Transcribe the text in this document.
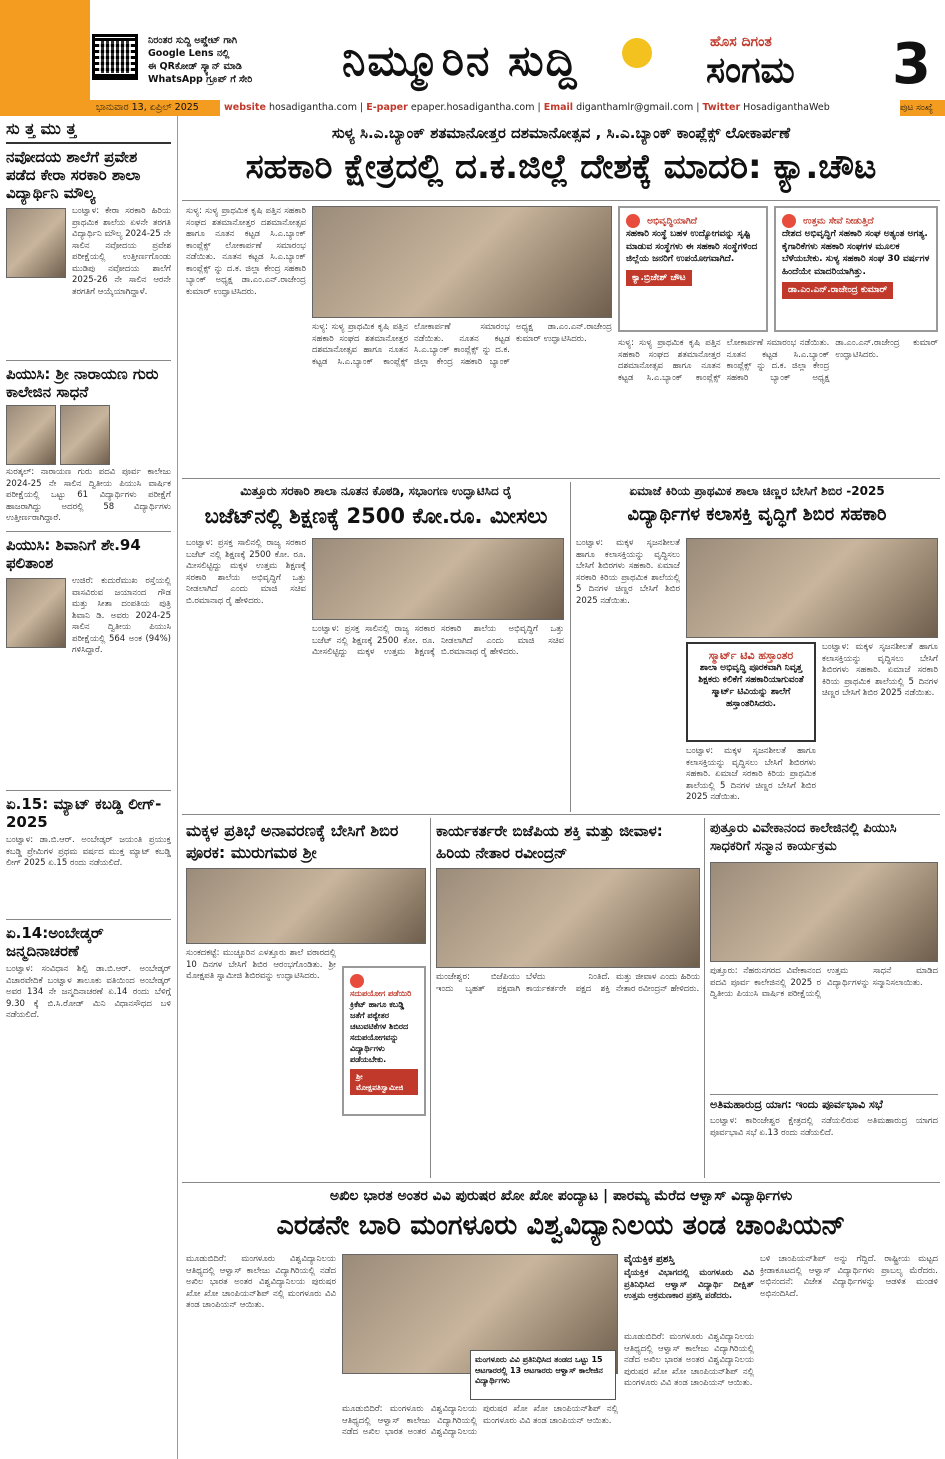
ನಿರಂತರ ಸುದ್ದಿ ಅಪ್ಡೇಟ್ ಗಾಗಿ
Google Lens ನಲ್ಲಿ
ಈ QRಕೋಡ್ ಸ್ಕ್ಯಾನ್ ಮಾಡಿ
WhatsApp ಗ್ರೂಪ್ ಗೆ ಸೇರಿ	ನಿಮ್ಮೂರಿನ ಸುದ್ದಿ	ಹೊಸ ದಿಗಂತ
ಸಂಗಮ 3
ಭಾನುವಾರ 13, ಏಪ್ರಿಲ್ 2025	website hosadigantha.com | E-paper epaper.hosadigantha.com | Email diganthamlr@gmail.com | Twitter HosadiganthaWeb	ಪುಟ ಸಂಖ್ಯೆ
ಸು ತ್ತ ಮು ತ್ತ
ನವೋದಯ ಶಾಲೆಗೆ ಪ್ರವೇಶ ಪಡೆದ ಕೇರಾ ಸರಕಾರಿ ಶಾಲಾ ವಿದ್ಯಾರ್ಥಿನಿ ಮೌಲ್ಯ
ಬಂಟ್ವಾಳ: ಕೇರಾ ಸರಕಾರಿ ಹಿರಿಯ ಪ್ರಾಥಮಿಕ ಶಾಲೆಯ ಏಳನೇ ತರಗತಿ ವಿದ್ಯಾರ್ಥಿನಿ ಮೌಲ್ಯ 2024-25 ನೇ ಸಾಲಿನ ನವೋದಯ ಪ್ರವೇಶ ಪರೀಕ್ಷೆಯಲ್ಲಿ ಉತ್ತೀರ್ಣಗೊಂಡು ಮುಡಿಪು ನವೋದಯ ಶಾಲೆಗೆ 2025-26 ನೇ ಸಾಲಿನ ಆರನೇ ತರಗತಿಗೆ ಆಯ್ಕೆಯಾಗಿದ್ದಾಳೆ.
ಪಿಯುಸಿ: ಶ್ರೀ ನಾರಾಯಣ ಗುರು ಕಾಲೇಜಿನ ಸಾಧನೆ
ಸುರತ್ಕಲ್: ನಾರಾಯಣ ಗುರು ಪದವಿ ಪೂರ್ವ ಕಾಲೇಜು 2024-25 ನೇ ಸಾಲಿನ ದ್ವಿತೀಯ ಪಿಯುಸಿ ವಾರ್ಷಿಕ ಪರೀಕ್ಷೆಯಲ್ಲಿ ಒಟ್ಟು 61 ವಿದ್ಯಾರ್ಥಿಗಳು ಪರೀಕ್ಷೆಗೆ ಹಾಜರಾಗಿದ್ದು ಅದರಲ್ಲಿ 58 ವಿದ್ಯಾರ್ಥಿಗಳು ಉತ್ತೀರ್ಣರಾಗಿದ್ದಾರೆ.
ಪಿಯುಸಿ: ಶಿವಾನಿಗೆ ಶೇ.94 ಫಲಿತಾಂಶ
ಉಜಿರೆ: ಕುದುರೆಮುಖ ರಸ್ತೆಯಲ್ಲಿ ವಾಸವಿರುವ ಜಯಾನಂದ ಗೌಡ ಮತ್ತು ಸೀತಾ ದಂಪತಿಯ ಪುತ್ರಿ ಶಿವಾನಿ ಡಿ. ಅವರು 2024-25 ಸಾಲಿನ ದ್ವಿತೀಯ ಪಿಯುಸಿ ಪರೀಕ್ಷೆಯಲ್ಲಿ 564 ಅಂಕ (94%) ಗಳಿಸಿದ್ದಾರೆ.
ಏ.15: ಮ್ಯಾಟ್ ಕಬಡ್ಡಿ ಲೀಗ್- 2025
ಬಂಟ್ವಾಳ: ಡಾ.ಬಿ.ಆರ್. ಅಂಬೇಡ್ಕರ್ ಜಯಂತಿ ಪ್ರಯುಕ್ತ ಕಬಡ್ಡಿ ಪ್ರೇಮಿಗಳ ಪ್ರಥಮ ವರ್ಷದ ಮುಕ್ತ ಮ್ಯಾಟ್ ಕಬಡ್ಡಿ ಲೀಗ್ 2025 ಏ.15 ರಂದು ನಡೆಯಲಿದೆ.
ಏ.14:ಅಂಬೇಡ್ಕರ್ ಜನ್ಮದಿನಾಚರಣೆ
ಬಂಟ್ವಾಳ: ಸಂವಿಧಾನ ಶಿಲ್ಪಿ ಡಾ.ಬಿ.ಆರ್. ಅಂಬೇಡ್ಕರ್ ವಿಚಾರವೇದಿಕೆ ಬಂಟ್ವಾಳ ತಾಲೂಕು ವತಿಯಿಂದ ಅಂಬೇಡ್ಕರ್ ಅವರ 134 ನೇ ಜನ್ಮದಿನಾಚರಣೆ ಏ.14 ರಂದು ಬೆಳಿಗ್ಗೆ 9.30 ಕ್ಕೆ ಬಿ.ಸಿ.ರೋಡ್ ಮಿನಿ ವಿಧಾನಸೌಧದ ಬಳಿ ನಡೆಯಲಿದೆ.
ಸುಳ್ಯ ಸಿ.ಎ.ಬ್ಯಾಂಕ್ ಶತಮಾನೋತ್ತರ ದಶಮಾನೋತ್ಸವ , ಸಿ.ಎ.ಬ್ಯಾಂಕ್ ಕಾಂಪ್ಲೆಕ್ಸ್ ಲೋಕಾರ್ಪಣೆ
ಸಹಕಾರಿ ಕ್ಷೇತ್ರದಲ್ಲಿ ದ.ಕ.ಜಿಲ್ಲೆ ದೇಶಕ್ಕೆ ಮಾದರಿ: ಕ್ಯಾ.ಚೌಟ
ಸುಳ್ಯ: ಸುಳ್ಯ ಪ್ರಾಥಮಿಕ ಕೃಷಿ ಪತ್ತಿನ ಸಹಕಾರಿ ಸಂಘದ ಶತಮಾನೋತ್ತರ ದಶಮಾನೋತ್ಸವ ಹಾಗೂ ನೂತನ ಕಟ್ಟಡ ಸಿ.ಎ.ಬ್ಯಾಂಕ್ ಕಾಂಪ್ಲೆಕ್ಸ್ ಲೋಕಾರ್ಪಣೆ ಸಮಾರಂಭ ನಡೆಯಿತು. ನೂತನ ಕಟ್ಟಡ ಸಿ.ಎ.ಬ್ಯಾಂಕ್ ಕಾಂಪ್ಲೆಕ್ಸ್ ನ್ನು ದ.ಕ. ಜಿಲ್ಲಾ ಕೇಂದ್ರ ಸಹಕಾರಿ ಬ್ಯಾಂಕ್ ಅಧ್ಯಕ್ಷ ಡಾ.ಎಂ.ಎನ್.ರಾಜೇಂದ್ರ ಕುಮಾರ್ ಉದ್ಘಾಟಿಸಿದರು.
ಸುಳ್ಯ: ಸುಳ್ಯ ಪ್ರಾಥಮಿಕ ಕೃಷಿ ಪತ್ತಿನ ಸಹಕಾರಿ ಸಂಘದ ಶತಮಾನೋತ್ತರ ದಶಮಾನೋತ್ಸವ ಹಾಗೂ ನೂತನ ಕಟ್ಟಡ ಸಿ.ಎ.ಬ್ಯಾಂಕ್ ಕಾಂಪ್ಲೆಕ್ಸ್ ಲೋಕಾರ್ಪಣೆ ಸಮಾರಂಭ ನಡೆಯಿತು. ನೂತನ ಕಟ್ಟಡ ಸಿ.ಎ.ಬ್ಯಾಂಕ್ ಕಾಂಪ್ಲೆಕ್ಸ್ ನ್ನು ದ.ಕ. ಜಿಲ್ಲಾ ಕೇಂದ್ರ ಸಹಕಾರಿ ಬ್ಯಾಂಕ್ ಅಧ್ಯಕ್ಷ ಡಾ.ಎಂ.ಎನ್.ರಾಜೇಂದ್ರ ಕುಮಾರ್ ಉದ್ಘಾಟಿಸಿದರು.
ಅಭಿವೃದ್ಧಿಯಾಗಿದೆ
ಸಹಕಾರಿ ಸಂಸ್ಥೆ ಬಹಳ ಉದ್ಯೋಗವನ್ನು ಸೃಷ್ಟಿ ಮಾಡುವ ಸಂಸ್ಥೆಗಳು ಈ ಸಹಕಾರಿ ಸಂಸ್ಥೆಗಳಿಂದ ಜಿಲ್ಲೆಯ ಜನರಿಗೆ ಉಪಯೋಗವಾಗಿದೆ.
ಕ್ಯಾ.ಬ್ರಿಜೇಶ್ ಚೌಟ
ಉತ್ತಮ ಸೇವೆ ನೀಡುತ್ತಿದೆ
ದೇಶದ ಅಭಿವೃದ್ಧಿಗೆ ಸಹಕಾರಿ ಸಂಘ ಅತ್ಯಂತ ಅಗತ್ಯ. ಕೈಗಾರಿಕೆಗಳು ಸಹಕಾರಿ ಸಂಘಗಳ ಮೂಲಕ ಬೆಳೆಯಬೇಕು. ಸುಳ್ಯ ಸಹಕಾರಿ ಸಂಘ 30 ವರ್ಷಗಳ ಹಿಂದೆಯೇ ಮಾದರಿಯಾಗಿತ್ತು.
ಡಾ.ಎಂ.ಎನ್.ರಾಜೇಂದ್ರ ಕುಮಾರ್
ಸುಳ್ಯ: ಸುಳ್ಯ ಪ್ರಾಥಮಿಕ ಕೃಷಿ ಪತ್ತಿನ ಸಹಕಾರಿ ಸಂಘದ ಶತಮಾನೋತ್ತರ ದಶಮಾನೋತ್ಸವ ಹಾಗೂ ನೂತನ ಕಟ್ಟಡ ಸಿ.ಎ.ಬ್ಯಾಂಕ್ ಕಾಂಪ್ಲೆಕ್ಸ್ ಲೋಕಾರ್ಪಣೆ ಸಮಾರಂಭ ನಡೆಯಿತು. ನೂತನ ಕಟ್ಟಡ ಸಿ.ಎ.ಬ್ಯಾಂಕ್ ಕಾಂಪ್ಲೆಕ್ಸ್ ನ್ನು ದ.ಕ. ಜಿಲ್ಲಾ ಕೇಂದ್ರ ಸಹಕಾರಿ ಬ್ಯಾಂಕ್ ಅಧ್ಯಕ್ಷ ಡಾ.ಎಂ.ಎನ್.ರಾಜೇಂದ್ರ ಕುಮಾರ್ ಉದ್ಘಾಟಿಸಿದರು.
ಮಿತ್ತೂರು ಸರಕಾರಿ ಶಾಲಾ ನೂತನ ಕೊಠಡಿ, ಸಭಾಂಗಣ ಉದ್ಘಾಟಿಸಿದ ರೈ
ಬಜೆಟ್‌ನಲ್ಲಿ ಶಿಕ್ಷಣಕ್ಕೆ 2500 ಕೋ.ರೂ. ಮೀಸಲು
ಬಂಟ್ವಾಳ: ಪ್ರಸಕ್ತ ಸಾಲಿನಲ್ಲಿ ರಾಜ್ಯ ಸರಕಾರ ಬಜೆಟ್ ನಲ್ಲಿ ಶಿಕ್ಷಣಕ್ಕೆ 2500 ಕೋ. ರೂ. ಮೀಸಲಿಟ್ಟಿದ್ದು ಮಕ್ಕಳ ಉತ್ತಮ ಶಿಕ್ಷಣಕ್ಕೆ ಸರಕಾರಿ ಶಾಲೆಯ ಅಭಿವೃದ್ಧಿಗೆ ಒತ್ತು ನೀಡಲಾಗಿದೆ ಎಂದು ಮಾಜಿ ಸಚಿವ ಬಿ.ರಮಾನಾಥ ರೈ ಹೇಳಿದರು.
ಬಂಟ್ವಾಳ: ಪ್ರಸಕ್ತ ಸಾಲಿನಲ್ಲಿ ರಾಜ್ಯ ಸರಕಾರ ಬಜೆಟ್ ನಲ್ಲಿ ಶಿಕ್ಷಣಕ್ಕೆ 2500 ಕೋ. ರೂ. ಮೀಸಲಿಟ್ಟಿದ್ದು ಮಕ್ಕಳ ಉತ್ತಮ ಶಿಕ್ಷಣಕ್ಕೆ ಸರಕಾರಿ ಶಾಲೆಯ ಅಭಿವೃದ್ಧಿಗೆ ಒತ್ತು ನೀಡಲಾಗಿದೆ ಎಂದು ಮಾಜಿ ಸಚಿವ ಬಿ.ರಮಾನಾಥ ರೈ ಹೇಳಿದರು.
ಏಮಾಜೆ ಕಿರಿಯ ಪ್ರಾಥಮಿಕ ಶಾಲಾ ಚಿಣ್ಣರ ಬೇಸಿಗೆ ಶಿಬಿರ -2025
ವಿದ್ಯಾರ್ಥಿಗಳ ಕಲಾಸಕ್ತಿ ವೃದ್ಧಿಗೆ ಶಿಬಿರ ಸಹಕಾರಿ
ಬಂಟ್ವಾಳ: ಮಕ್ಕಳ ಸೃಜನಶೀಲತೆ ಹಾಗೂ ಕಲಾಸಕ್ತಿಯನ್ನು ವೃದ್ಧಿಸಲು ಬೇಸಿಗೆ ಶಿಬಿರಗಳು ಸಹಕಾರಿ. ಏಮಾಜೆ ಸರಕಾರಿ ಕಿರಿಯ ಪ್ರಾಥಮಿಕ ಶಾಲೆಯಲ್ಲಿ 5 ದಿನಗಳ ಚಿಣ್ಣರ ಬೇಸಿಗೆ ಶಿಬಿರ 2025 ನಡೆಯಿತು.
ಸ್ಮಾರ್ಟ್ ಟಿವಿ ಹಸ್ತಾಂತರ
ಶಾಲಾ ಅಭಿವೃದ್ಧಿ ಪೂರಕವಾಗಿ ನಿವೃತ್ತ ಶಿಕ್ಷಕರು ಕಲಿಕೆಗೆ ಸಹಕಾರಿಯಾಗುವಂತೆ ಸ್ಮಾರ್ಟ್ ಟಿವಿಯನ್ನು ಶಾಲೆಗೆ ಹಸ್ತಾಂತರಿಸಿದರು.
ಬಂಟ್ವಾಳ: ಮಕ್ಕಳ ಸೃಜನಶೀಲತೆ ಹಾಗೂ ಕಲಾಸಕ್ತಿಯನ್ನು ವೃದ್ಧಿಸಲು ಬೇಸಿಗೆ ಶಿಬಿರಗಳು ಸಹಕಾರಿ. ಏಮಾಜೆ ಸರಕಾರಿ ಕಿರಿಯ ಪ್ರಾಥಮಿಕ ಶಾಲೆಯಲ್ಲಿ 5 ದಿನಗಳ ಚಿಣ್ಣರ ಬೇಸಿಗೆ ಶಿಬಿರ 2025 ನಡೆಯಿತು.
ಬಂಟ್ವಾಳ: ಮಕ್ಕಳ ಸೃಜನಶೀಲತೆ ಹಾಗೂ ಕಲಾಸಕ್ತಿಯನ್ನು ವೃದ್ಧಿಸಲು ಬೇಸಿಗೆ ಶಿಬಿರಗಳು ಸಹಕಾರಿ. ಏಮಾಜೆ ಸರಕಾರಿ ಕಿರಿಯ ಪ್ರಾಥಮಿಕ ಶಾಲೆಯಲ್ಲಿ 5 ದಿನಗಳ ಚಿಣ್ಣರ ಬೇಸಿಗೆ ಶಿಬಿರ 2025 ನಡೆಯಿತು.
ಮಕ್ಕಳ ಪ್ರತಿಭೆ ಅನಾವರಣಕ್ಕೆ ಬೇಸಿಗೆ ಶಿಬಿರ ಪೂರಕ: ಮುರುಗಮಠ ಶ್ರೀ
ಸುಂಕದಕಟ್ಟೆ: ಮುಚ್ಚೂರಿನ ಎಳತ್ತೂರು ಶಾಲೆ ವಠಾರದಲ್ಲಿ 10 ದಿನಗಳ ಬೇಸಿಗೆ ಶಿಬಿರ ಆರಂಭಗೊಂಡಿತು. ಶ್ರೀ ಮೋಕ್ಷಪತಿ ಸ್ವಾಮೀಜಿ ಶಿಬಿರವನ್ನು ಉದ್ಘಾಟಿಸಿದರು.
ಸದುಪಯೋಗ ಪಡೆಯಿರಿ
ಕ್ರಿಕೆಟ್ ಹಾಗೂ ಕಬಡ್ಡಿ ಜತೆಗೆ ಪಠ್ಯೇತರ ಚಟುವಟಿಕೆಗಳ ಶಿಬಿರದ ಸದುಪಯೋಗವನ್ನು ವಿದ್ಯಾರ್ಥಿಗಳು ಪಡೆಯಬೇಕು.
ಶ್ರೀ ಮೋಕ್ಷಪತಿಸ್ವಾಮೀಜಿ
ಕಾರ್ಯಕರ್ತರೇ ಬಿಜೆಪಿಯ ಶಕ್ತಿ ಮತ್ತು ಜೀವಾಳ: ಹಿರಿಯ ನೇತಾರ ರವೀಂದ್ರನ್
ಮಂಜೇಶ್ವರ: ಬಿಜೆಪಿಯು ಇಂದು ಬೃಹತ್ ಪಕ್ಷವಾಗಿ ಬೆಳೆದು ನಿಂತಿದೆ. ಕಾರ್ಯಕರ್ತರೇ ಪಕ್ಷದ ಶಕ್ತಿ ಮತ್ತು ಜೀವಾಳ ಎಂದು ಹಿರಿಯ ನೇತಾರ ರವೀಂದ್ರನ್ ಹೇಳಿದರು.
ಪುತ್ತೂರು ವಿವೇಕಾನಂದ ಕಾಲೇಜಿನಲ್ಲಿ ಪಿಯುಸಿ ಸಾಧಕರಿಗೆ ಸನ್ಮಾನ ಕಾರ್ಯಕ್ರಮ
ಪುತ್ತೂರು: ನೆಹರುನಗರದ ವಿವೇಕಾನಂದ ಪದವಿ ಪೂರ್ವ ಕಾಲೇಜಿನಲ್ಲಿ 2025 ರ ದ್ವಿತೀಯ ಪಿಯುಸಿ ವಾರ್ಷಿಕ ಪರೀಕ್ಷೆಯಲ್ಲಿ ಉತ್ತಮ ಸಾಧನೆ ಮಾಡಿದ ವಿದ್ಯಾರ್ಥಿಗಳನ್ನು ಸನ್ಮಾನಿಸಲಾಯಿತು.
ಅತಿಮಹಾರುದ್ರ ಯಾಗ: ಇಂದು ಪೂರ್ವಭಾವಿ ಸಭೆ
ಬಂಟ್ವಾಳ: ಕಾರಿಂಜೇಶ್ವರ ಕ್ಷೇತ್ರದಲ್ಲಿ ನಡೆಯಲಿರುವ ಅತಿಮಹಾರುದ್ರ ಯಾಗದ ಪೂರ್ವಭಾವಿ ಸಭೆ ಏ.13 ರಂದು ನಡೆಯಲಿದೆ.
ಅಖಿಲ ಭಾರತ ಅಂತರ ವಿವಿ ಪುರುಷರ ಖೋ ಖೋ ಪಂದ್ಯಾಟ | ಪಾರಮ್ಯ ಮೆರೆದ ಆಳ್ವಾಸ್ ವಿದ್ಯಾರ್ಥಿಗಳು
ಎರಡನೇ ಬಾರಿ ಮಂಗಳೂರು ವಿಶ್ವವಿದ್ಯಾನಿಲಯ ತಂಡ ಚಾಂಪಿಯನ್
ಮೂಡುಬಿದಿರೆ: ಮಂಗಳೂರು ವಿಶ್ವವಿದ್ಯಾನಿಲಯ ಆತಿಥ್ಯದಲ್ಲಿ ಆಳ್ವಾಸ್ ಕಾಲೇಜು ವಿದ್ಯಾಗಿರಿಯಲ್ಲಿ ನಡೆದ ಅಖಿಲ ಭಾರತ ಅಂತರ ವಿಶ್ವವಿದ್ಯಾನಿಲಯ ಪುರುಷರ ಖೋ ಖೋ ಚಾಂಪಿಯನ್‌ಶಿಪ್ ನಲ್ಲಿ ಮಂಗಳೂರು ವಿವಿ ತಂಡ ಚಾಂಪಿಯನ್ ಆಯಿತು.
ಮಂಗಳೂರು ವಿವಿ ಪ್ರತಿನಿಧಿಸಿದ ತಂಡದ ಒಟ್ಟು 15 ಆಟಗಾರರಲ್ಲಿ 13 ಆಟಗಾರರು ಆಳ್ವಾಸ್ ಕಾಲೇಜಿನ ವಿದ್ಯಾರ್ಥಿಗಳು
ಮೂಡುಬಿದಿರೆ: ಮಂಗಳೂರು ವಿಶ್ವವಿದ್ಯಾನಿಲಯ ಆತಿಥ್ಯದಲ್ಲಿ ಆಳ್ವಾಸ್ ಕಾಲೇಜು ವಿದ್ಯಾಗಿರಿಯಲ್ಲಿ ನಡೆದ ಅಖಿಲ ಭಾರತ ಅಂತರ ವಿಶ್ವವಿದ್ಯಾನಿಲಯ ಪುರುಷರ ಖೋ ಖೋ ಚಾಂಪಿಯನ್‌ಶಿಪ್ ನಲ್ಲಿ ಮಂಗಳೂರು ವಿವಿ ತಂಡ ಚಾಂಪಿಯನ್ ಆಯಿತು.
ವೈಯಕ್ತಿಕ ಪ್ರಶಸ್ತಿ
ವೈಯಕ್ತಿಕ ವಿಭಾಗದಲ್ಲಿ ಮಂಗಳೂರು ವಿವಿ ಪ್ರತಿನಿಧಿಸಿದ ಆಳ್ವಾಸ್ ವಿದ್ಯಾರ್ಥಿ ದೀಕ್ಷಿತ್ ಉತ್ತಮ ಆಕ್ರಮಣಕಾರ ಪ್ರಶಸ್ತಿ ಪಡೆದರು.
ಮೂಡುಬಿದಿರೆ: ಮಂಗಳೂರು ವಿಶ್ವವಿದ್ಯಾನಿಲಯ ಆತಿಥ್ಯದಲ್ಲಿ ಆಳ್ವಾಸ್ ಕಾಲೇಜು ವಿದ್ಯಾಗಿರಿಯಲ್ಲಿ ನಡೆದ ಅಖಿಲ ಭಾರತ ಅಂತರ ವಿಶ್ವವಿದ್ಯಾನಿಲಯ ಪುರುಷರ ಖೋ ಖೋ ಚಾಂಪಿಯನ್‌ಶಿಪ್ ನಲ್ಲಿ ಮಂಗಳೂರು ವಿವಿ ತಂಡ ಚಾಂಪಿಯನ್ ಆಯಿತು.
ಬಳಿ ಚಾಂಪಿಯನ್‌ಶಿಪ್ ಅನ್ನು ಗೆದ್ದಿದೆ. ರಾಷ್ಟ್ರೀಯ ಮಟ್ಟದ ಕ್ರೀಡಾಕೂಟದಲ್ಲಿ ಆಳ್ವಾಸ್ ವಿದ್ಯಾರ್ಥಿಗಳು ಪ್ರಾಬಲ್ಯ ಮೆರೆದರು. ಅಭಿನಂದನೆ: ವಿಜೇತ ವಿದ್ಯಾರ್ಥಿಗಳನ್ನು ಆಡಳಿತ ಮಂಡಳಿ ಅಭಿನಂದಿಸಿದೆ.
